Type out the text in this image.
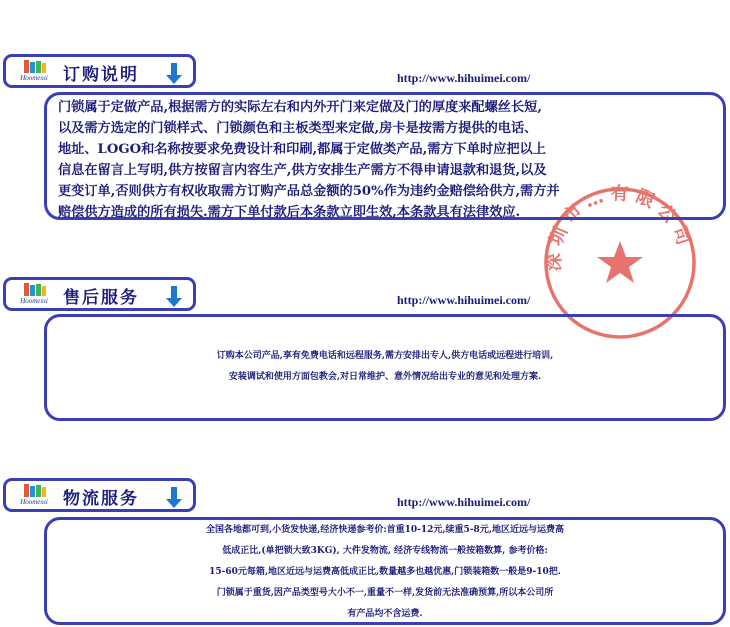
深圳市…有限公司
Hoomessi 订购说明	http://www.hihuimei.com/
门锁属于定做产品,根据需方的实际左右和内外开门来定做及门的厚度来配螺丝长短,
以及需方选定的门锁样式、门锁颜色和主板类型来定做,房卡是按需方提供的电话、
地址、LOGO和名称按要求免费设计和印刷,都属于定做类产品,需方下单时应把以上
信息在留言上写明,供方按留言内容生产,供方安排生产需方不得申请退款和退货,以及
更变订单,否则供方有权收取需方订购产品总金额的50%作为违约金赔偿给供方,需方并
赔偿供方造成的所有损失.需方下单付款后本条款立即生效,本条款具有法律效应.
Hoomessi 售后服务	http://www.hihuimei.com/
订购本公司产品,享有免费电话和远程服务,需方安排出专人,供方电话或远程进行培训,
安装调试和使用方面包教会,对日常维护、意外情况给出专业的意见和处理方案.
Hoomessi 物流服务	http://www.hihuimei.com/
全国各地都可到,小货发快递,经济快递参考价:首重10-12元,续重5-8元,地区近远与运费高
低成正比,(单把锁大致3KG), 大件发物流, 经济专线物流一般按箱数算, 参考价格:
15-60元每箱,地区近远与运费高低成正比,数量越多也越优惠,门锁装箱数一般是9-10把.
门锁属于重货,因产品类型号大小不一,重量不一样,发货前无法准确预算,所以本公司所
有产品均不含运费.
